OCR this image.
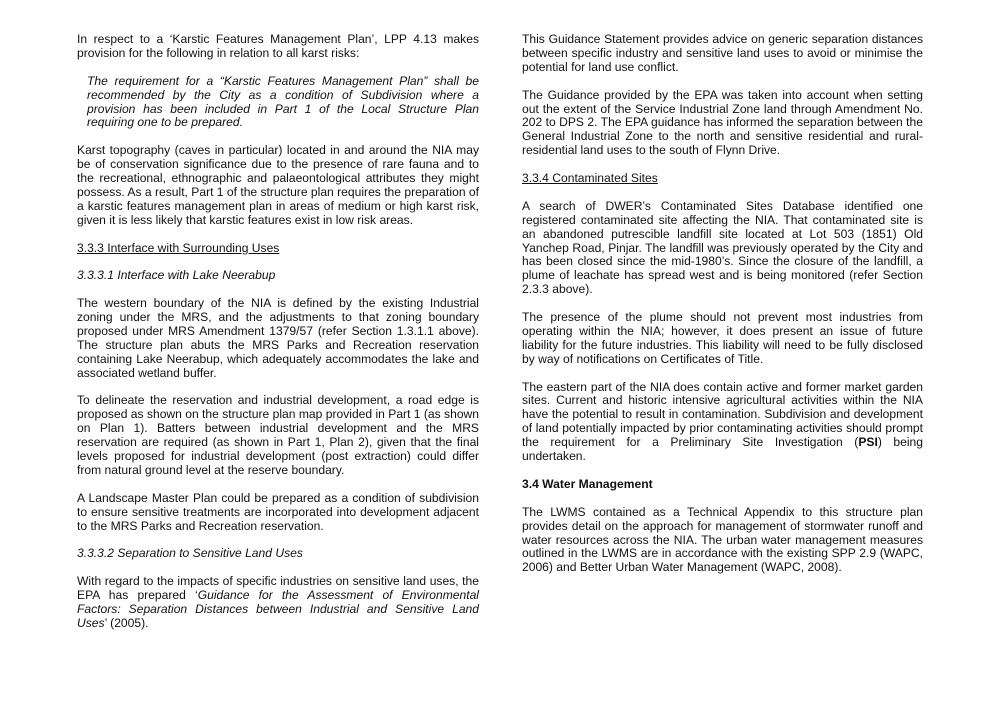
In respect to a ‘Karstic Features Management Plan’, LPP 4.13 makes provision for the following in relation to all karst risks:

The requirement for a “Karstic Features Management Plan” shall be recommended by the City as a condition of Subdivision where a provision has been included in Part 1 of the Local Structure Plan requiring one to be prepared.

Karst topography (caves in particular) located in and around the NIA may be of conservation significance due to the presence of rare fauna and to the recreational, ethnographic and palaeontological attributes they might possess. As a result, Part 1 of the structure plan requires the preparation of a karstic features management plan in areas of medium or high karst risk, given it is less likely that karstic features exist in low risk areas.

3.3.3 Interface with Surrounding Uses

3.3.3.1 Interface with Lake Neerabup

The western boundary of the NIA is defined by the existing Industrial zoning under the MRS, and the adjustments to that zoning boundary proposed under MRS Amendment 1379/57 (refer Section 1.3.1.1 above). The structure plan abuts the MRS Parks and Recreation reservation containing Lake Neerabup, which adequately accommodates the lake and associated wetland buffer.

To delineate the reservation and industrial development, a road edge is proposed as shown on the structure plan map provided in Part 1 (as shown on Plan 1). Batters between industrial development and the MRS reservation are required (as shown in Part 1, Plan 2), given that the final levels proposed for industrial development (post extraction) could differ from natural ground level at the reserve boundary.

A Landscape Master Plan could be prepared as a condition of subdivision to ensure sensitive treatments are incorporated into development adjacent to the MRS Parks and Recreation reservation.

3.3.3.2 Separation to Sensitive Land Uses

With regard to the impacts of specific industries on sensitive land uses, the EPA has prepared ‘Guidance for the Assessment of Environmental Factors: Separation Distances between Industrial and Sensitive Land Uses’ (2005).

This Guidance Statement provides advice on generic separation distances between specific industry and sensitive land uses to avoid or minimise the potential for land use conflict.

The Guidance provided by the EPA was taken into account when setting out the extent of the Service Industrial Zone land through Amendment No. 202 to DPS 2. The EPA guidance has informed the separation between the General Industrial Zone to the north and sensitive residential and rural-residential land uses to the south of Flynn Drive.

3.3.4 Contaminated Sites

A search of DWER’s Contaminated Sites Database identified one registered contaminated site affecting the NIA. That contaminated site is an abandoned putrescible landfill site located at Lot 503 (1851) Old Yanchep Road, Pinjar. The landfill was previously operated by the City and has been closed since the mid-1980’s. Since the closure of the landfill, a plume of leachate has spread west and is being monitored (refer Section 2.3.3 above).

The presence of the plume should not prevent most industries from operating within the NIA; however, it does present an issue of future liability for the future industries. This liability will need to be fully disclosed by way of notifications on Certificates of Title.

The eastern part of the NIA does contain active and former market garden sites. Current and historic intensive agricultural activities within the NIA have the potential to result in contamination. Subdivision and development of land potentially impacted by prior contaminating activities should prompt the requirement for a Preliminary Site Investigation (PSI) being undertaken.

3.4 Water Management

The LWMS contained as a Technical Appendix to this structure plan provides detail on the approach for management of stormwater runoff and water resources across the NIA. The urban water management measures outlined in the LWMS are in accordance with the existing SPP 2.9 (WAPC, 2006) and Better Urban Water Management (WAPC, 2008).
